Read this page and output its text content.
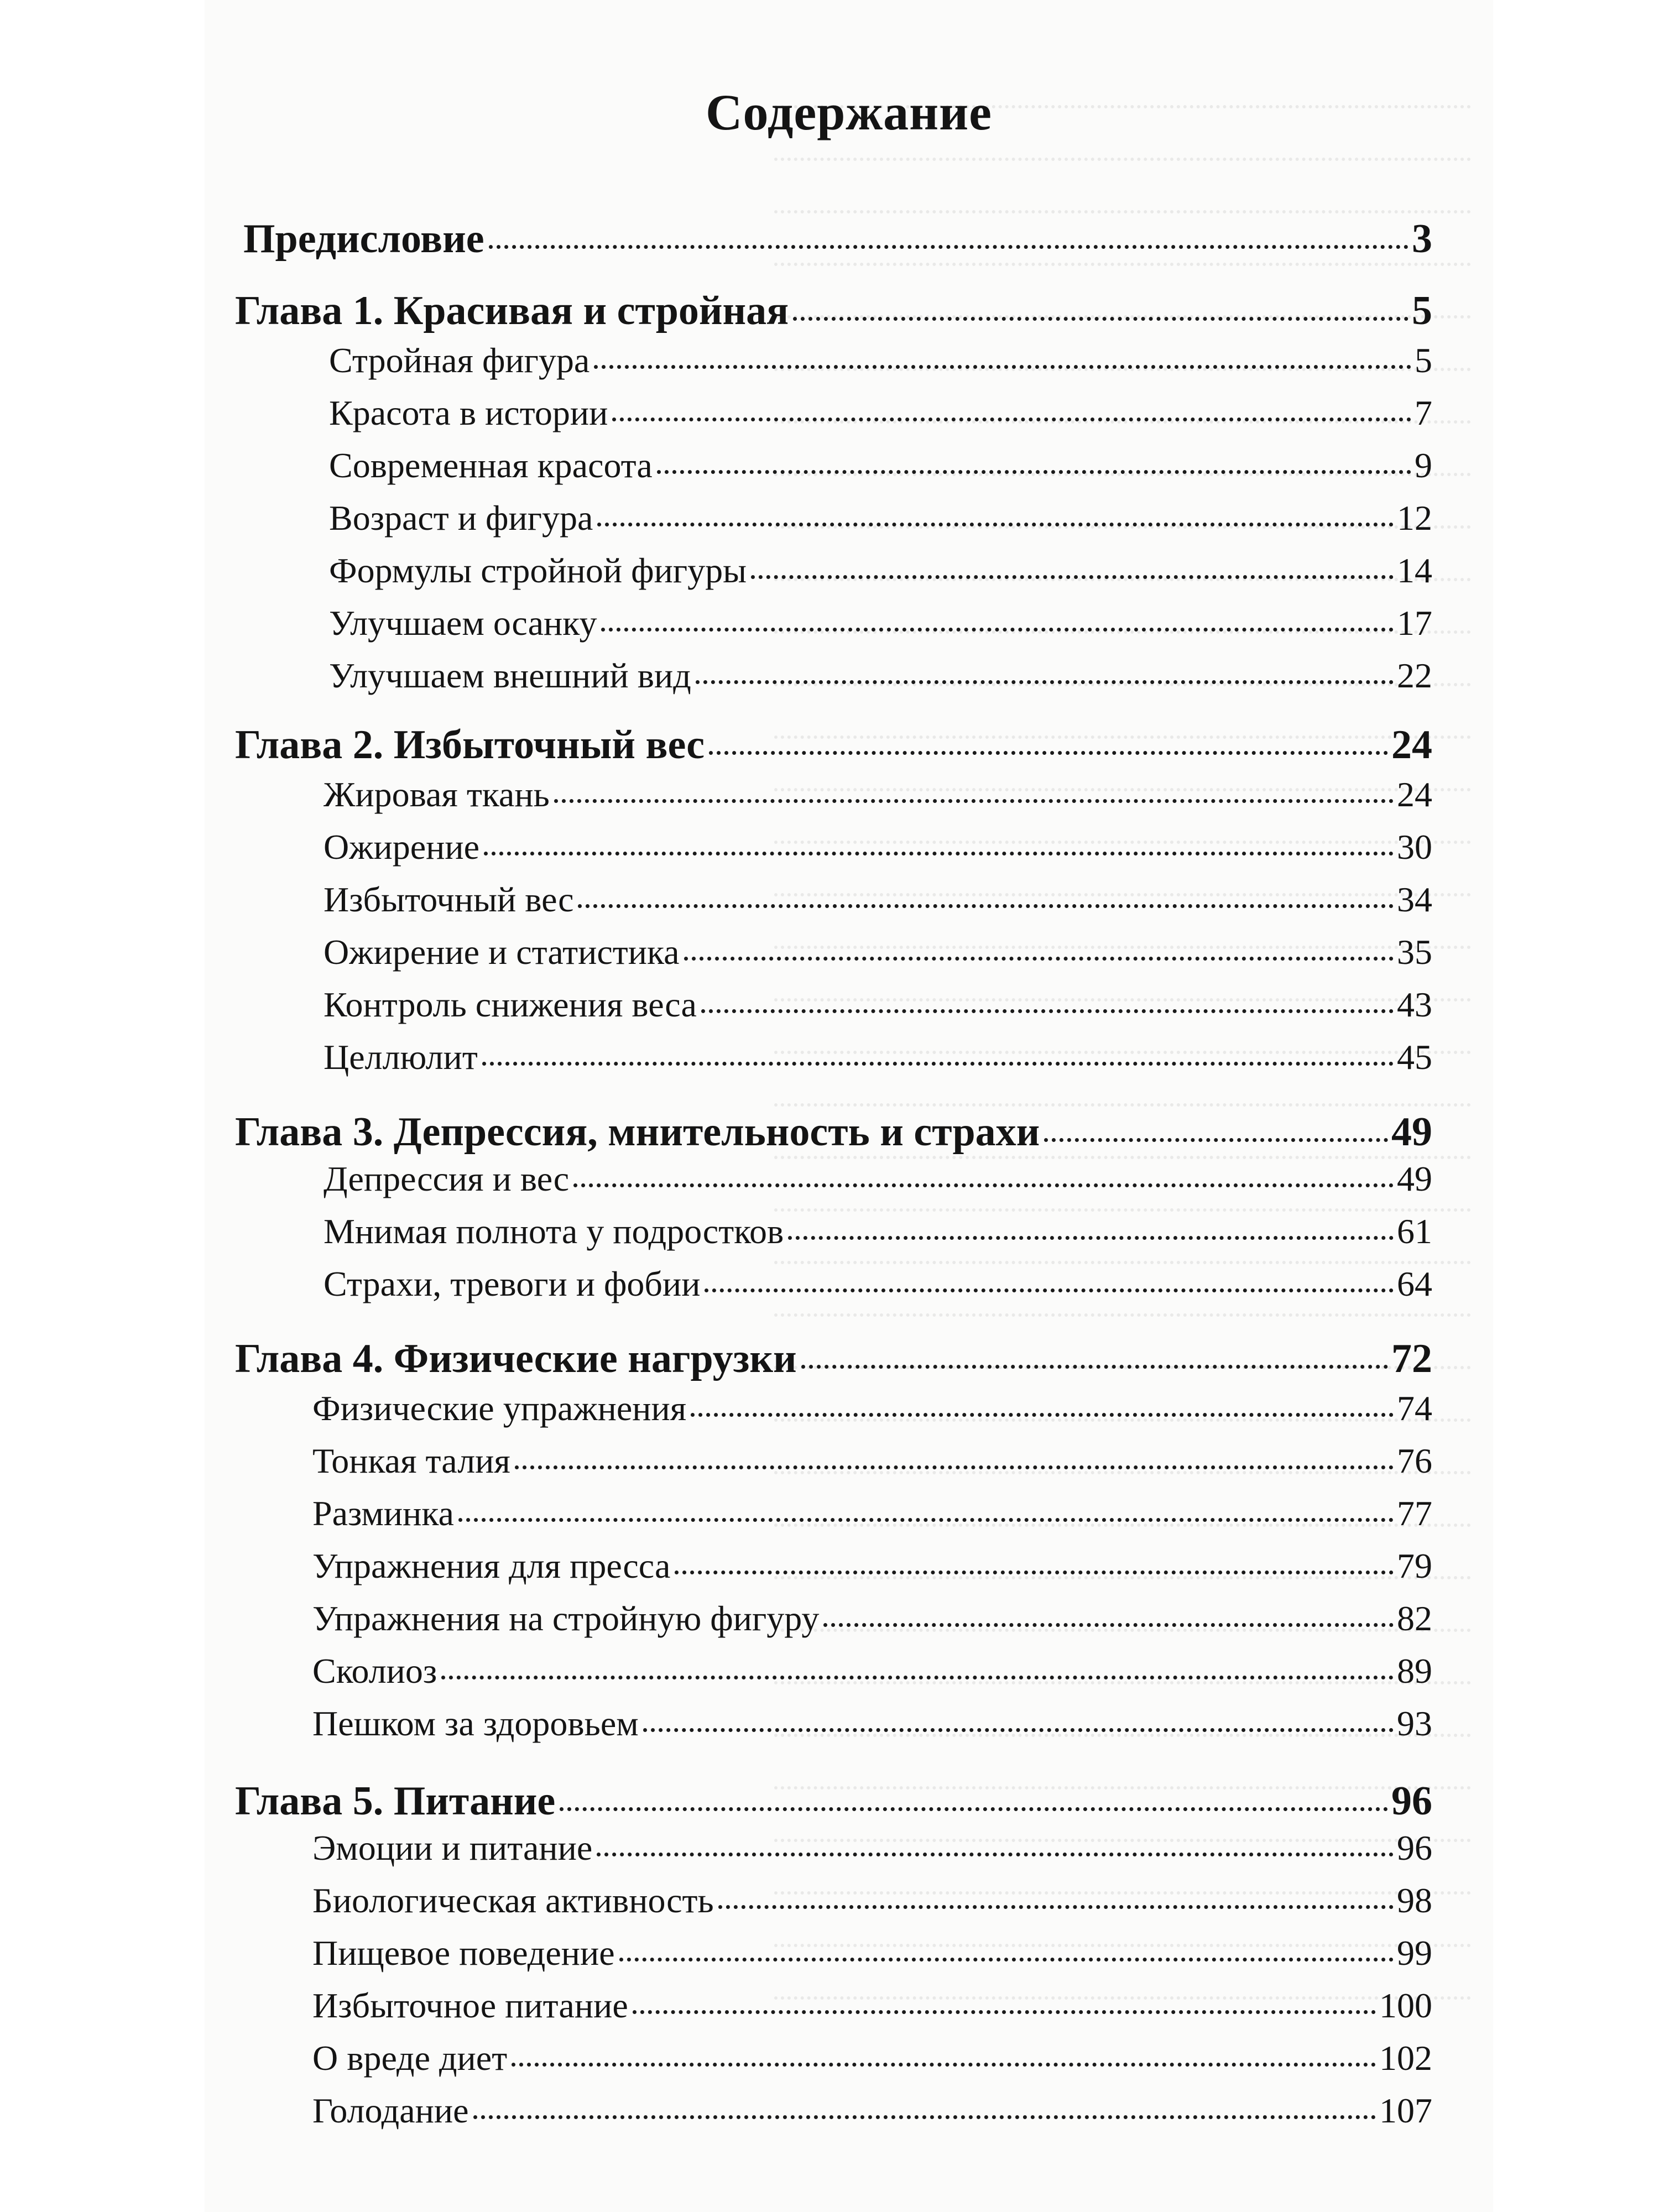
Содержание
Предисловие	3
Глава 1. Красивая и стройная	5
Стройная фигура	5
Красота в истории	7
Современная красота	9
Возраст и фигура	12
Формулы стройной фигуры	14
Улучшаем осанку	17
Улучшаем внешний вид	22
Глава 2. Избыточный вес	24
Жировая ткань	24
Ожирение	30
Избыточный вес	34
Ожирение и статистика	35
Контроль снижения веса	43
Целлюлит	45
Глава 3. Депрессия, мнительность и страхи	49
Депрессия и вес	49
Мнимая полнота у подростков	61
Страхи, тревоги и фобии	64
Глава 4. Физические нагрузки	72
Физические упражнения	74
Тонкая талия	76
Разминка	77
Упражнения для пресса	79
Упражнения на стройную фигуру	82
Сколиоз	89
Пешком за здоровьем	93
Глава 5. Питание	96
Эмоции и питание	96
Биологическая активность	98
Пищевое поведение	99
Избыточное питание	100
О вреде диет	102
Голодание	107
